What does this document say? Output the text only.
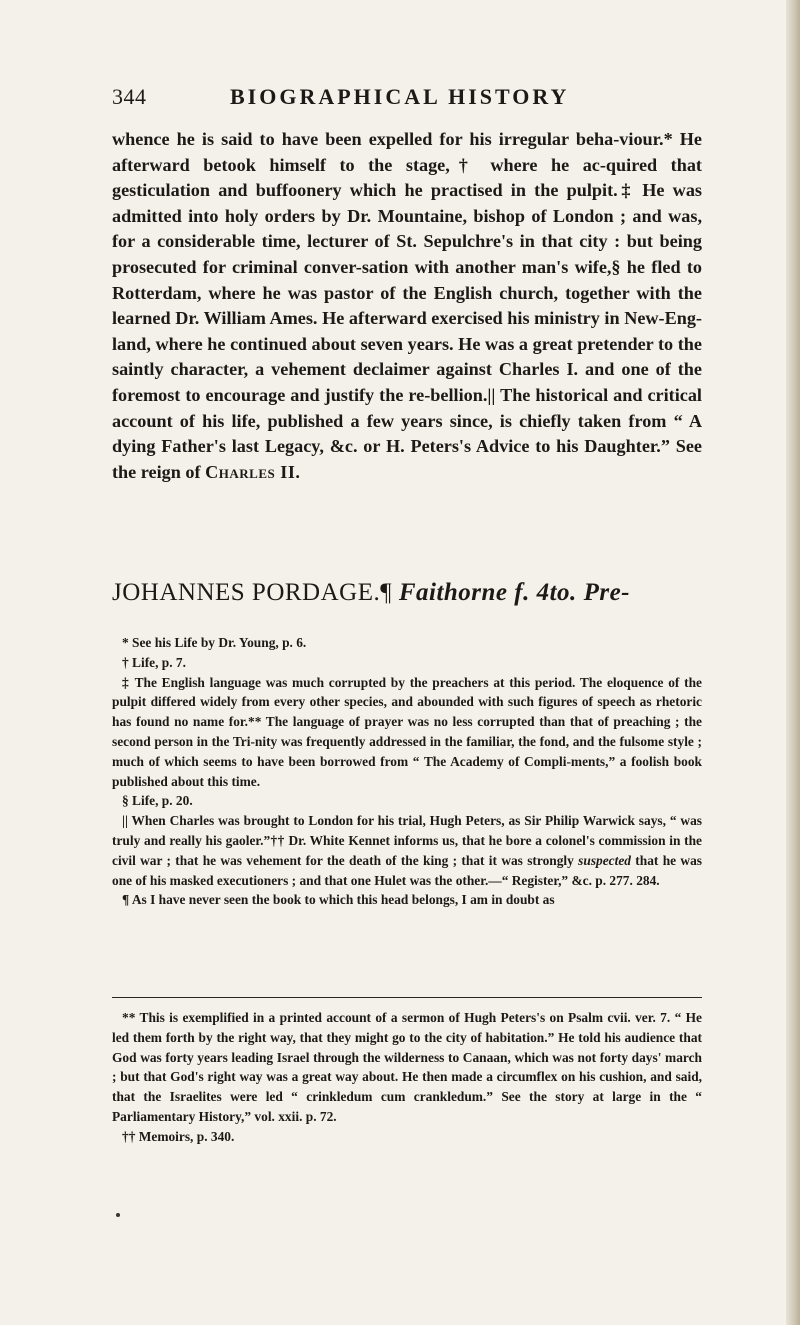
344	BIOGRAPHICAL HISTORY

whence he is said to have been expelled for his irregular beha-viour.* He afterward betook himself to the stage,† where he ac-quired that gesticulation and buffoonery which he practised in the pulpit.‡ He was admitted into holy orders by Dr. Mountaine, bishop of London ; and was, for a considerable time, lecturer of St. Sepulchre's in that city : but being prosecuted for criminal conver-sation with another man's wife,§ he fled to Rotterdam, where he was pastor of the English church, together with the learned Dr. William Ames. He afterward exercised his ministry in New-Eng-land, where he continued about seven years. He was a great pretender to the saintly character, a vehement declaimer against Charles I. and one of the foremost to encourage and justify the re-bellion.|| The historical and critical account of his life, published a few years since, is chiefly taken from “ A dying Father's last Legacy, &c. or H. Peters's Advice to his Daughter.” See the reign of Charles II.

JOHANNES PORDAGE.¶ Faithorne f. 4to. Pre-

* See his Life by Dr. Young, p. 6.

† Life, p. 7.

‡ The English language was much corrupted by the preachers at this period. The eloquence of the pulpit differed widely from every other species, and abounded with such figures of speech as rhetoric has found no name for.** The language of prayer was no less corrupted than that of preaching ; the second person in the Tri-nity was frequently addressed in the familiar, the fond, and the fulsome style ; much of which seems to have been borrowed from “ The Academy of Compli-ments,” a foolish book published about this time.

§ Life, p. 20.

|| When Charles was brought to London for his trial, Hugh Peters, as Sir Philip Warwick says, “ was truly and really his gaoler.”†† Dr. White Kennet informs us, that he bore a colonel's commission in the civil war ; that he was vehement for the death of the king ; that it was strongly suspected that he was one of his masked executioners ; and that one Hulet was the other.—“ Register,” &c. p. 277. 284.

¶ As I have never seen the book to which this head belongs, I am in doubt as

** This is exemplified in a printed account of a sermon of Hugh Peters's on Psalm cvii. ver. 7. “ He led them forth by the right way, that they might go to the city of habitation.” He told his audience that God was forty years leading Israel through the wilderness to Canaan, which was not forty days' march ; but that God's right way was a great way about. He then made a circumflex on his cushion, and said, that the Israelites were led “ crinkledum cum crankledum.” See the story at large in the “ Parliamentary History,” vol. xxii. p. 72.

†† Memoirs, p. 340.
